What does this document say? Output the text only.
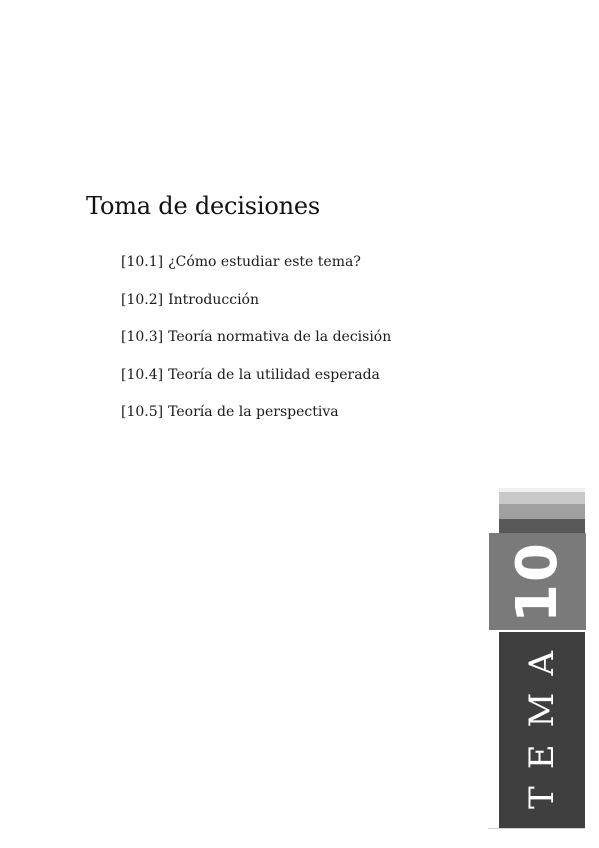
Toma de decisiones
[10.1] ¿Cómo estudiar este tema?
[10.2] Introducción
[10.3] Teoría normativa de la decisión
[10.4] Teoría de la utilidad esperada
[10.5] Teoría de la perspectiva
10
TEMA
